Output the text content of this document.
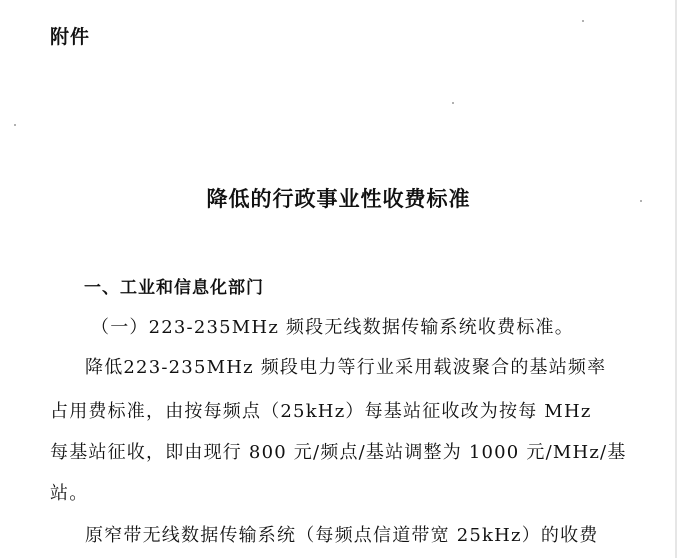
附件
降低的行政事业性收费标准
一、工业和信息化部门
（一）223-235MHz 频段无线数据传输系统收费标准。
降低223-235MHz 频段电力等行业采用载波聚合的基站频率
占用费标准，由按每频点（25kHz）每基站征收改为按每 MHz
每基站征收，即由现行 800 元/频点/基站调整为 1000 元/MHz/基
站。
原窄带无线数据传输系统（每频点信道带宽 25kHz）的收费
